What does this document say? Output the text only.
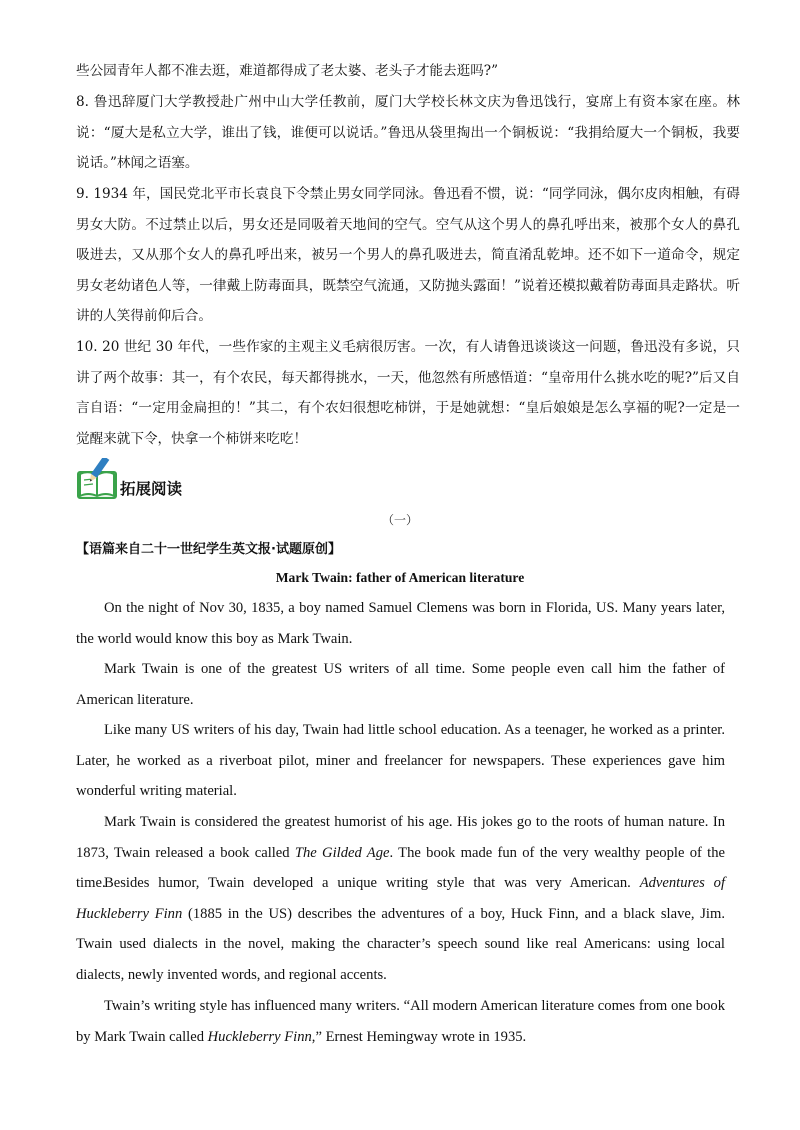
些公园青年人都不准去逛，难道都得成了老太婆、老头子才能去逛吗?”

8. 鲁迅辞厦门大学教授赴广州中山大学任教前，厦门大学校长林文庆为鲁迅饯行，宴席上有资本家在座。林说：“厦大是私立大学，谁出了钱，谁便可以说话。”鲁迅从袋里掏出一个铜板说：“我捐给厦大一个铜板，我要说话。”林闻之语塞。

9. 1934 年，国民党北平市长袁良下令禁止男女同学同泳。鲁迅看不惯，说：“同学同泳，偶尔皮肉相触，有碍男女大防。不过禁止以后，男女还是同吸着天地间的空气。空气从这个男人的鼻孔呼出来，被那个女人的鼻孔吸进去，又从那个女人的鼻孔呼出来，被另一个男人的鼻孔吸进去，简直淆乱乾坤。还不如下一道命令，规定男女老幼诸色人等，一律戴上防毒面具，既禁空气流通，又防抛头露面！”说着还模拟戴着防毒面具走路状。听讲的人笑得前仰后合。

10. 20 世纪 30 年代，一些作家的主观主义毛病很厉害。一次，有人请鲁迅谈谈这一问题，鲁迅没有多说，只讲了两个故事：其一，有个农民，每天都得挑水，一天，他忽然有所感悟道：“皇帝用什么挑水吃的呢?”后又自言自语：“一定用金扁担的！”其二，有个农妇很想吃柿饼，于是她就想：“皇后娘娘是怎么享福的呢?一定是一觉醒来就下令，快拿一个柿饼来吃吃！

拓展阅读
（一）
【语篇来自二十一世纪学生英文报·试题原创】
Mark Twain: father of American literature

On the night of Nov 30, 1835, a boy named Samuel Clemens was born in Florida, US. Many years later, the world would know this boy as Mark Twain.

Mark Twain is one of the greatest US writers of all time. Some people even call him the father of American literature.

Like many US writers of his day, Twain had little school education. As a teenager, he worked as a printer. Later, he worked as a riverboat pilot, miner and freelancer for newspapers. These experiences gave him wonderful writing material.

Mark Twain is considered the greatest humorist of his age. His jokes go to the roots of human nature. In 1873, Twain released a book called The Gilded Age. The book made fun of the very wealthy people of the time.

Besides humor, Twain developed a unique writing style that was very American. Adventures of Huckleberry Finn (1885 in the US) describes the adventures of a boy, Huck Finn, and a black slave, Jim. Twain used dialects in the novel, making the character’s speech sound like real Americans: using local dialects, newly invented words, and regional accents.

Twain’s writing style has influenced many writers. “All modern American literature comes from one book by Mark Twain called Huckleberry Finn,” Ernest Hemingway wrote in 1935.
